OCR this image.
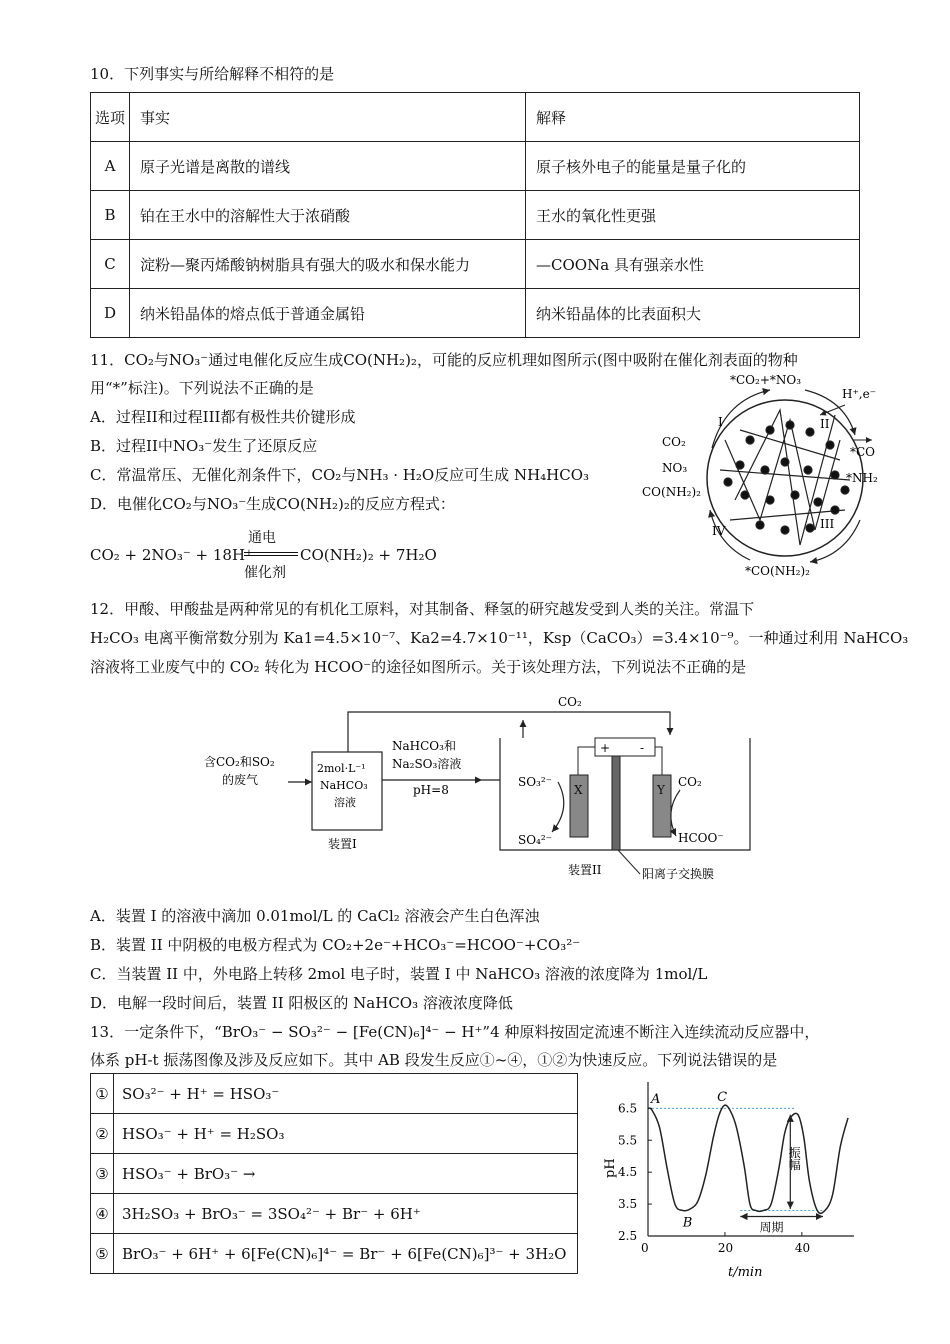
10．下列事实与所给解释不相符的是
选项	事实	解释
A	原子光谱是离散的谱线	原子核外电子的能量是量子化的
B	铂在王水中的溶解性大于浓硝酸	王水的氧化性更强
C	淀粉—聚丙烯酸钠树脂具有强大的吸水和保水能力	—COONa 具有强亲水性
D	纳米铅晶体的熔点低于普通金属铅	纳米铅晶体的比表面积大
11．CO₂与NO₃⁻通过电催化反应生成CO(NH₂)₂，可能的反应机理如图所示(图中吸附在催化剂表面的物种
用“*”标注)。下列说法不正确的是
A．过程II和过程III都有极性共价键形成
B．过程II中NO₃⁻发生了还原反应
C．常温常压、无催化剂条件下，CO₂与NH₃ · H₂O反应可生成 NH₄HCO₃
D．电催化CO₂与NO₃⁻生成CO(NH₂)₂的反应方程式：
CO₂ + 2NO₃⁻ + 18H⁺
通电
催化剂
CO(NH₂)₂ + 7H₂O
*CO₂+*NO₃
H⁺,e⁻
CO₂
NO₃
CO(NH₂)₂
*CO
*NH₂
*CO(NH₂)₂
I	II
III
IV
12．甲酸、甲酸盐是两种常见的有机化工原料，对其制备、释氢的研究越发受到人类的关注。常温下
H₂CO₃ 电离平衡常数分别为 Ka1=4.5×10⁻⁷、Ka2=4.7×10⁻¹¹，Ksp（CaCO₃）=3.4×10⁻⁹。一种通过利用 NaHCO₃
溶液将工业废气中的 CO₂ 转化为 HCOO⁻的途径如图所示。关于该处理方法，下列说法不正确的是
CO₂
含CO₂和SO₂
的废气
2mol·L⁻¹
NaHCO₃
溶液
装置I
NaHCO₃和
Na₂SO₃溶液
pH=8
+ -
X	Y
SO₃²⁻
SO₄²⁻
CO₂
HCOO⁻
装置II	阳离子交换膜
A．装置 I 的溶液中滴加 0.01mol/L 的 CaCl₂ 溶液会产生白色浑浊
B．装置 II 中阴极的电极方程式为 CO₂+2e⁻+HCO₃⁻=HCOO⁻+CO₃²⁻
C．当装置 II 中，外电路上转移 2mol 电子时，装置 I 中 NaHCO₃ 溶液的浓度降为 1mol/L
D．电解一段时间后，装置 II 阳极区的 NaHCO₃ 溶液浓度降低
13．一定条件下，“BrO₃⁻ − SO₃²⁻ − [Fe(CN)₆]⁴⁻ − H⁺”4 种原料按固定流速不断注入连续流动反应器中，
体系 pH-t 振荡图像及涉及反应如下。其中 AB 段发生反应①~④，①②为快速反应。下列说法错误的是
①	SO₃²⁻ + H⁺ = HSO₃⁻
②	HSO₃⁻ + H⁺ = H₂SO₃
③	HSO₃⁻ + BrO₃⁻ →
④	3H₂SO₃ + BrO₃⁻ = 3SO₄²⁻ + Br⁻ + 6H⁺
⑤	BrO₃⁻ + 6H⁺ + 6[Fe(CN)₆]⁴⁻ = Br⁻ + 6[Fe(CN)₆]³⁻ + 3H₂O
2.5
3.5
4.5
5.5
6.5
0	20	40
pH
t/min
A
B
C
振幅
周期
